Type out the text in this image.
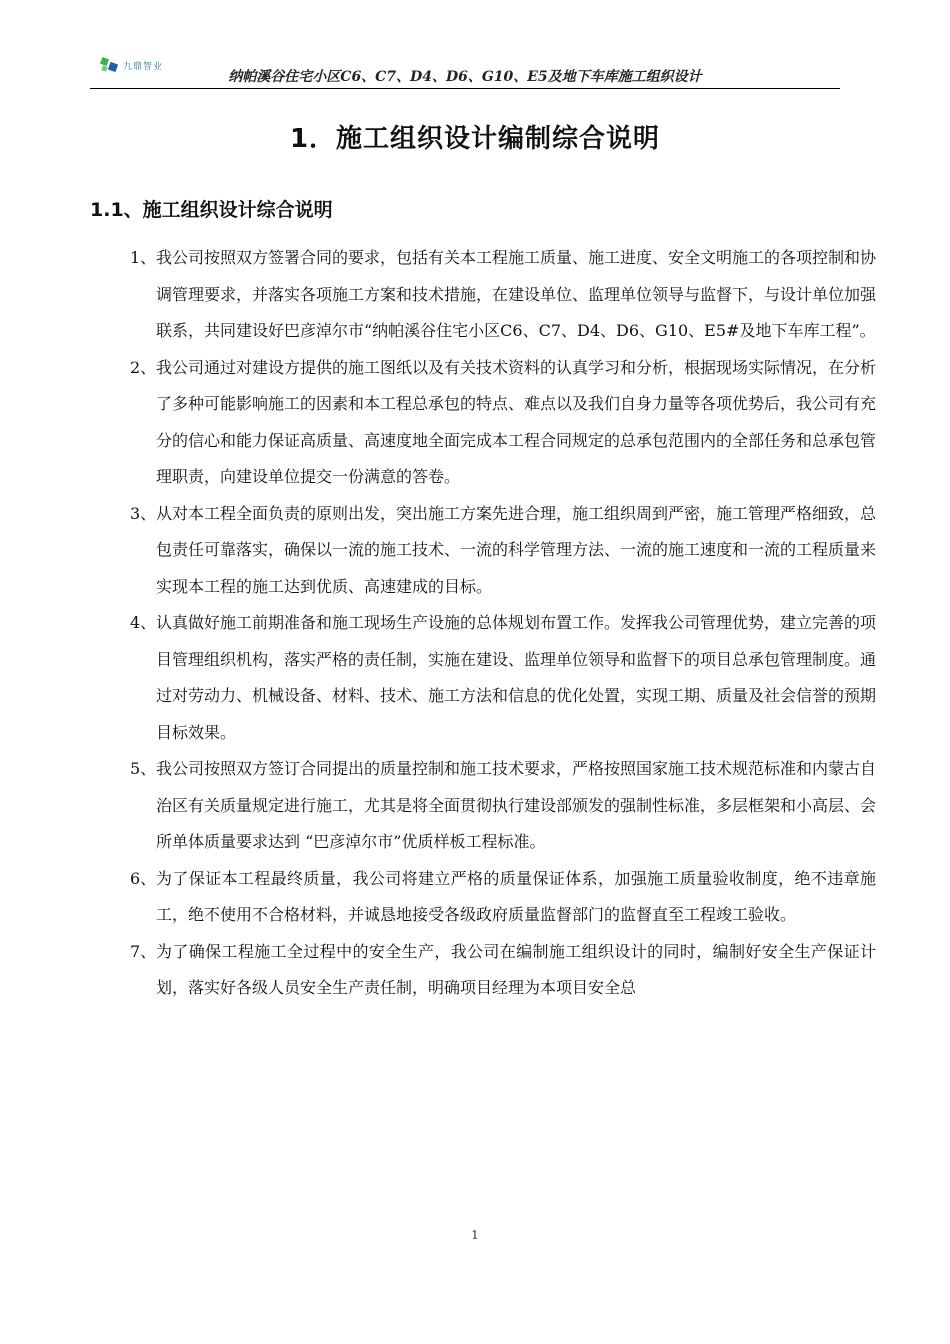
九鼎智业
纳帕溪谷住宅小区C6、C7、D4、D6、G10、E5及地下车库施工组织设计
1．施工组织设计编制综合说明
1.1、施工组织设计综合说明
1、 我公司按照双方签署合同的要求，包括有关本工程施工质量、施工进度、安全文明施工的各项控制和协调管理要求，并落实各项施工方案和技术措施，在建设单位、监理单位领导与监督下，与设计单位加强联系，共同建设好巴彦淖尔市“纳帕溪谷住宅小区C6、C7、D4、D6、G10、E5#及地下车库工程”。
2、 我公司通过对建设方提供的施工图纸以及有关技术资料的认真学习和分析，根据现场实际情况，在分析了多种可能影响施工的因素和本工程总承包的特点、难点以及我们自身力量等各项优势后，我公司有充分的信心和能力保证高质量、高速度地全面完成本工程合同规定的总承包范围内的全部任务和总承包管理职责，向建设单位提交一份满意的答卷。
3、 从对本工程全面负责的原则出发，突出施工方案先进合理，施工组织周到严密，施工管理严格细致，总包责任可靠落实，确保以一流的施工技术、一流的科学管理方法、一流的施工速度和一流的工程质量来实现本工程的施工达到优质、高速建成的目标。
4、 认真做好施工前期准备和施工现场生产设施的总体规划布置工作。发挥我公司管理优势，建立完善的项目管理组织机构，落实严格的责任制，实施在建设、监理单位领导和监督下的项目总承包管理制度。通过对劳动力、机械设备、材料、技术、施工方法和信息的优化处置，实现工期、质量及社会信誉的预期目标效果。
5、 我公司按照双方签订合同提出的质量控制和施工技术要求，严格按照国家施工技术规范标准和内蒙古自治区有关质量规定进行施工，尤其是将全面贯彻执行建设部颁发的强制性标准，多层框架和小高层、会所单体质量要求达到 “巴彦淖尔市”优质样板工程标准。
6、 为了保证本工程最终质量，我公司将建立严格的质量保证体系，加强施工质量验收制度，绝不违章施工，绝不使用不合格材料，并诚恳地接受各级政府质量监督部门的监督直至工程竣工验收。
7、 为了确保工程施工全过程中的安全生产，我公司在编制施工组织设计的同时，编制好安全生产保证计划，落实好各级人员安全生产责任制，明确项目经理为本项目安全总
1
